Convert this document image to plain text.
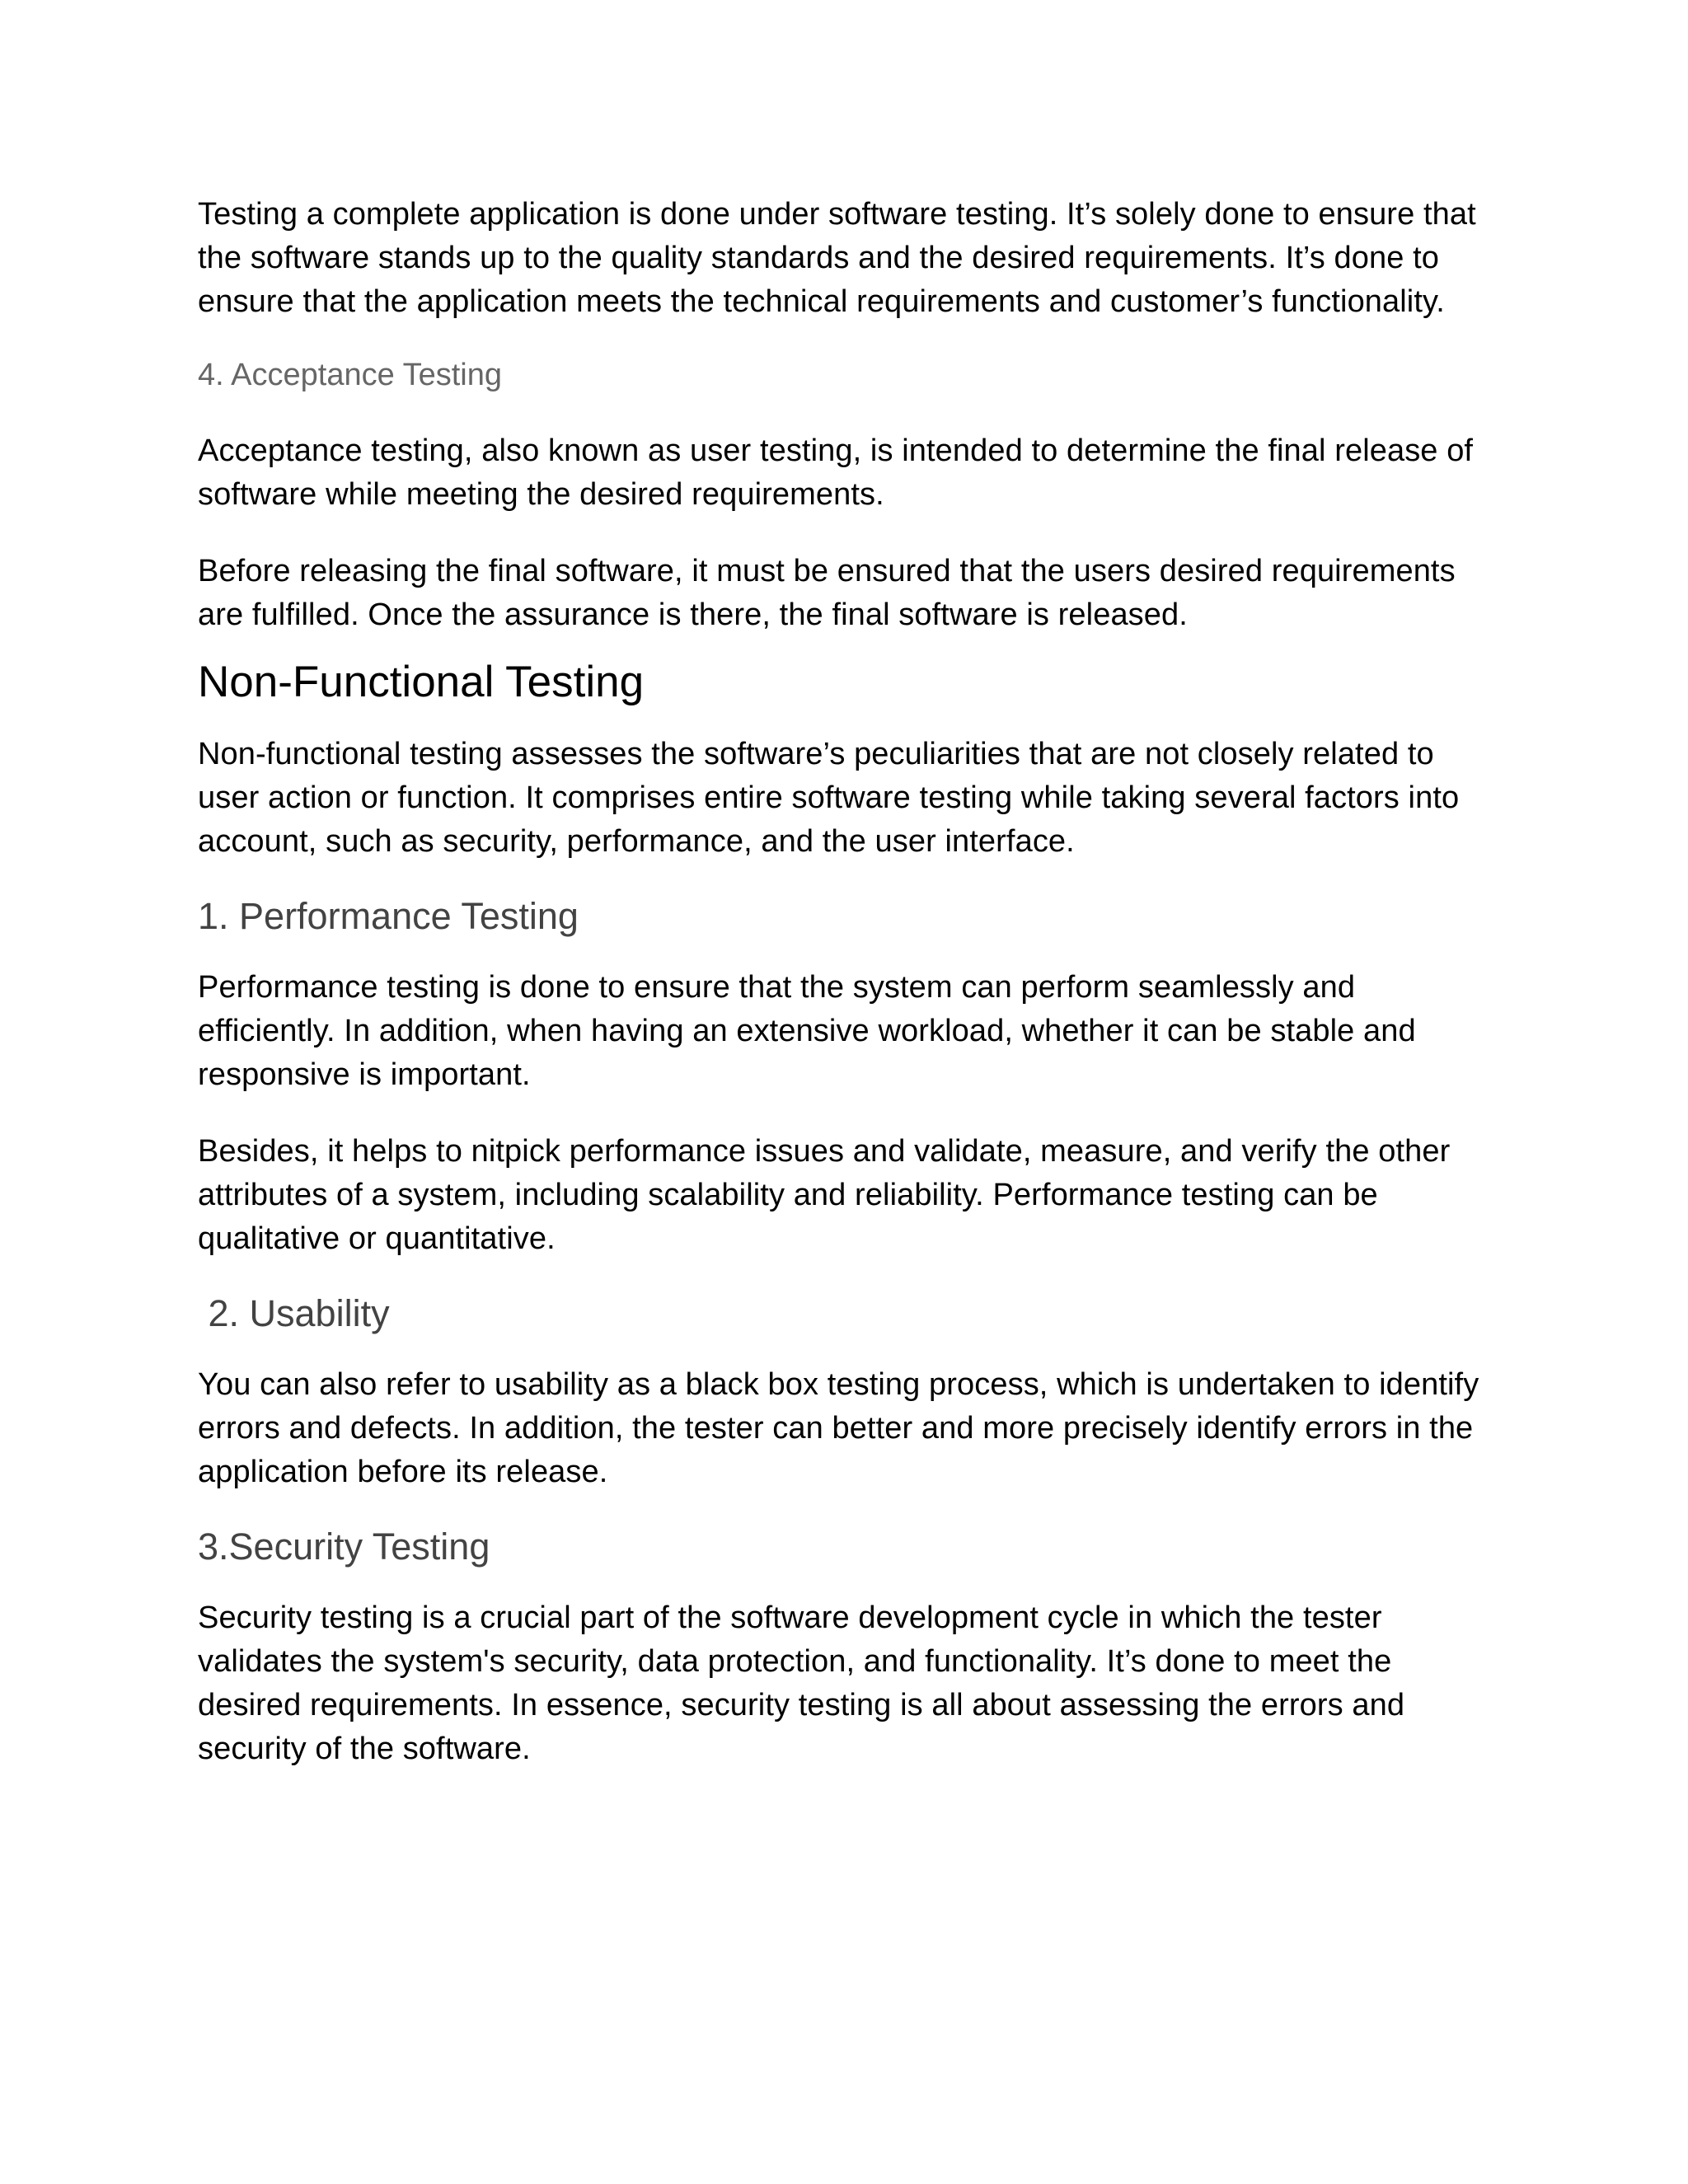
Testing a complete application is done under software testing. It’s solely done to ensure that the software stands up to the quality standards and the desired requirements. It’s done to ensure that the application meets the technical requirements and customer’s functionality.

4. Acceptance Testing

Acceptance testing, also known as user testing, is intended to determine the final release of software while meeting the desired requirements.

Before releasing the final software, it must be ensured that the users desired requirements are fulfilled. Once the assurance is there, the final software is released.

Non-Functional Testing

Non-functional testing assesses the software’s peculiarities that are not closely related to user action or function. It comprises entire software testing while taking several factors into account, such as security, performance, and the user interface.

1. Performance Testing

Performance testing is done to ensure that the system can perform seamlessly and efficiently. In addition, when having an extensive workload, whether it can be stable and responsive is important.

Besides, it helps to nitpick performance issues and validate, measure, and verify the other attributes of a system, including scalability and reliability. Performance testing can be qualitative or quantitative.

2. Usability

You can also refer to usability as a black box testing process, which is undertaken to identify errors and defects. In addition, the tester can better and more precisely identify errors in the application before its release.

3.Security Testing

Security testing is a crucial part of the software development cycle in which the tester validates the system's security, data protection, and functionality. It’s done to meet the desired requirements. In essence, security testing is all about assessing the errors and security of the software.
